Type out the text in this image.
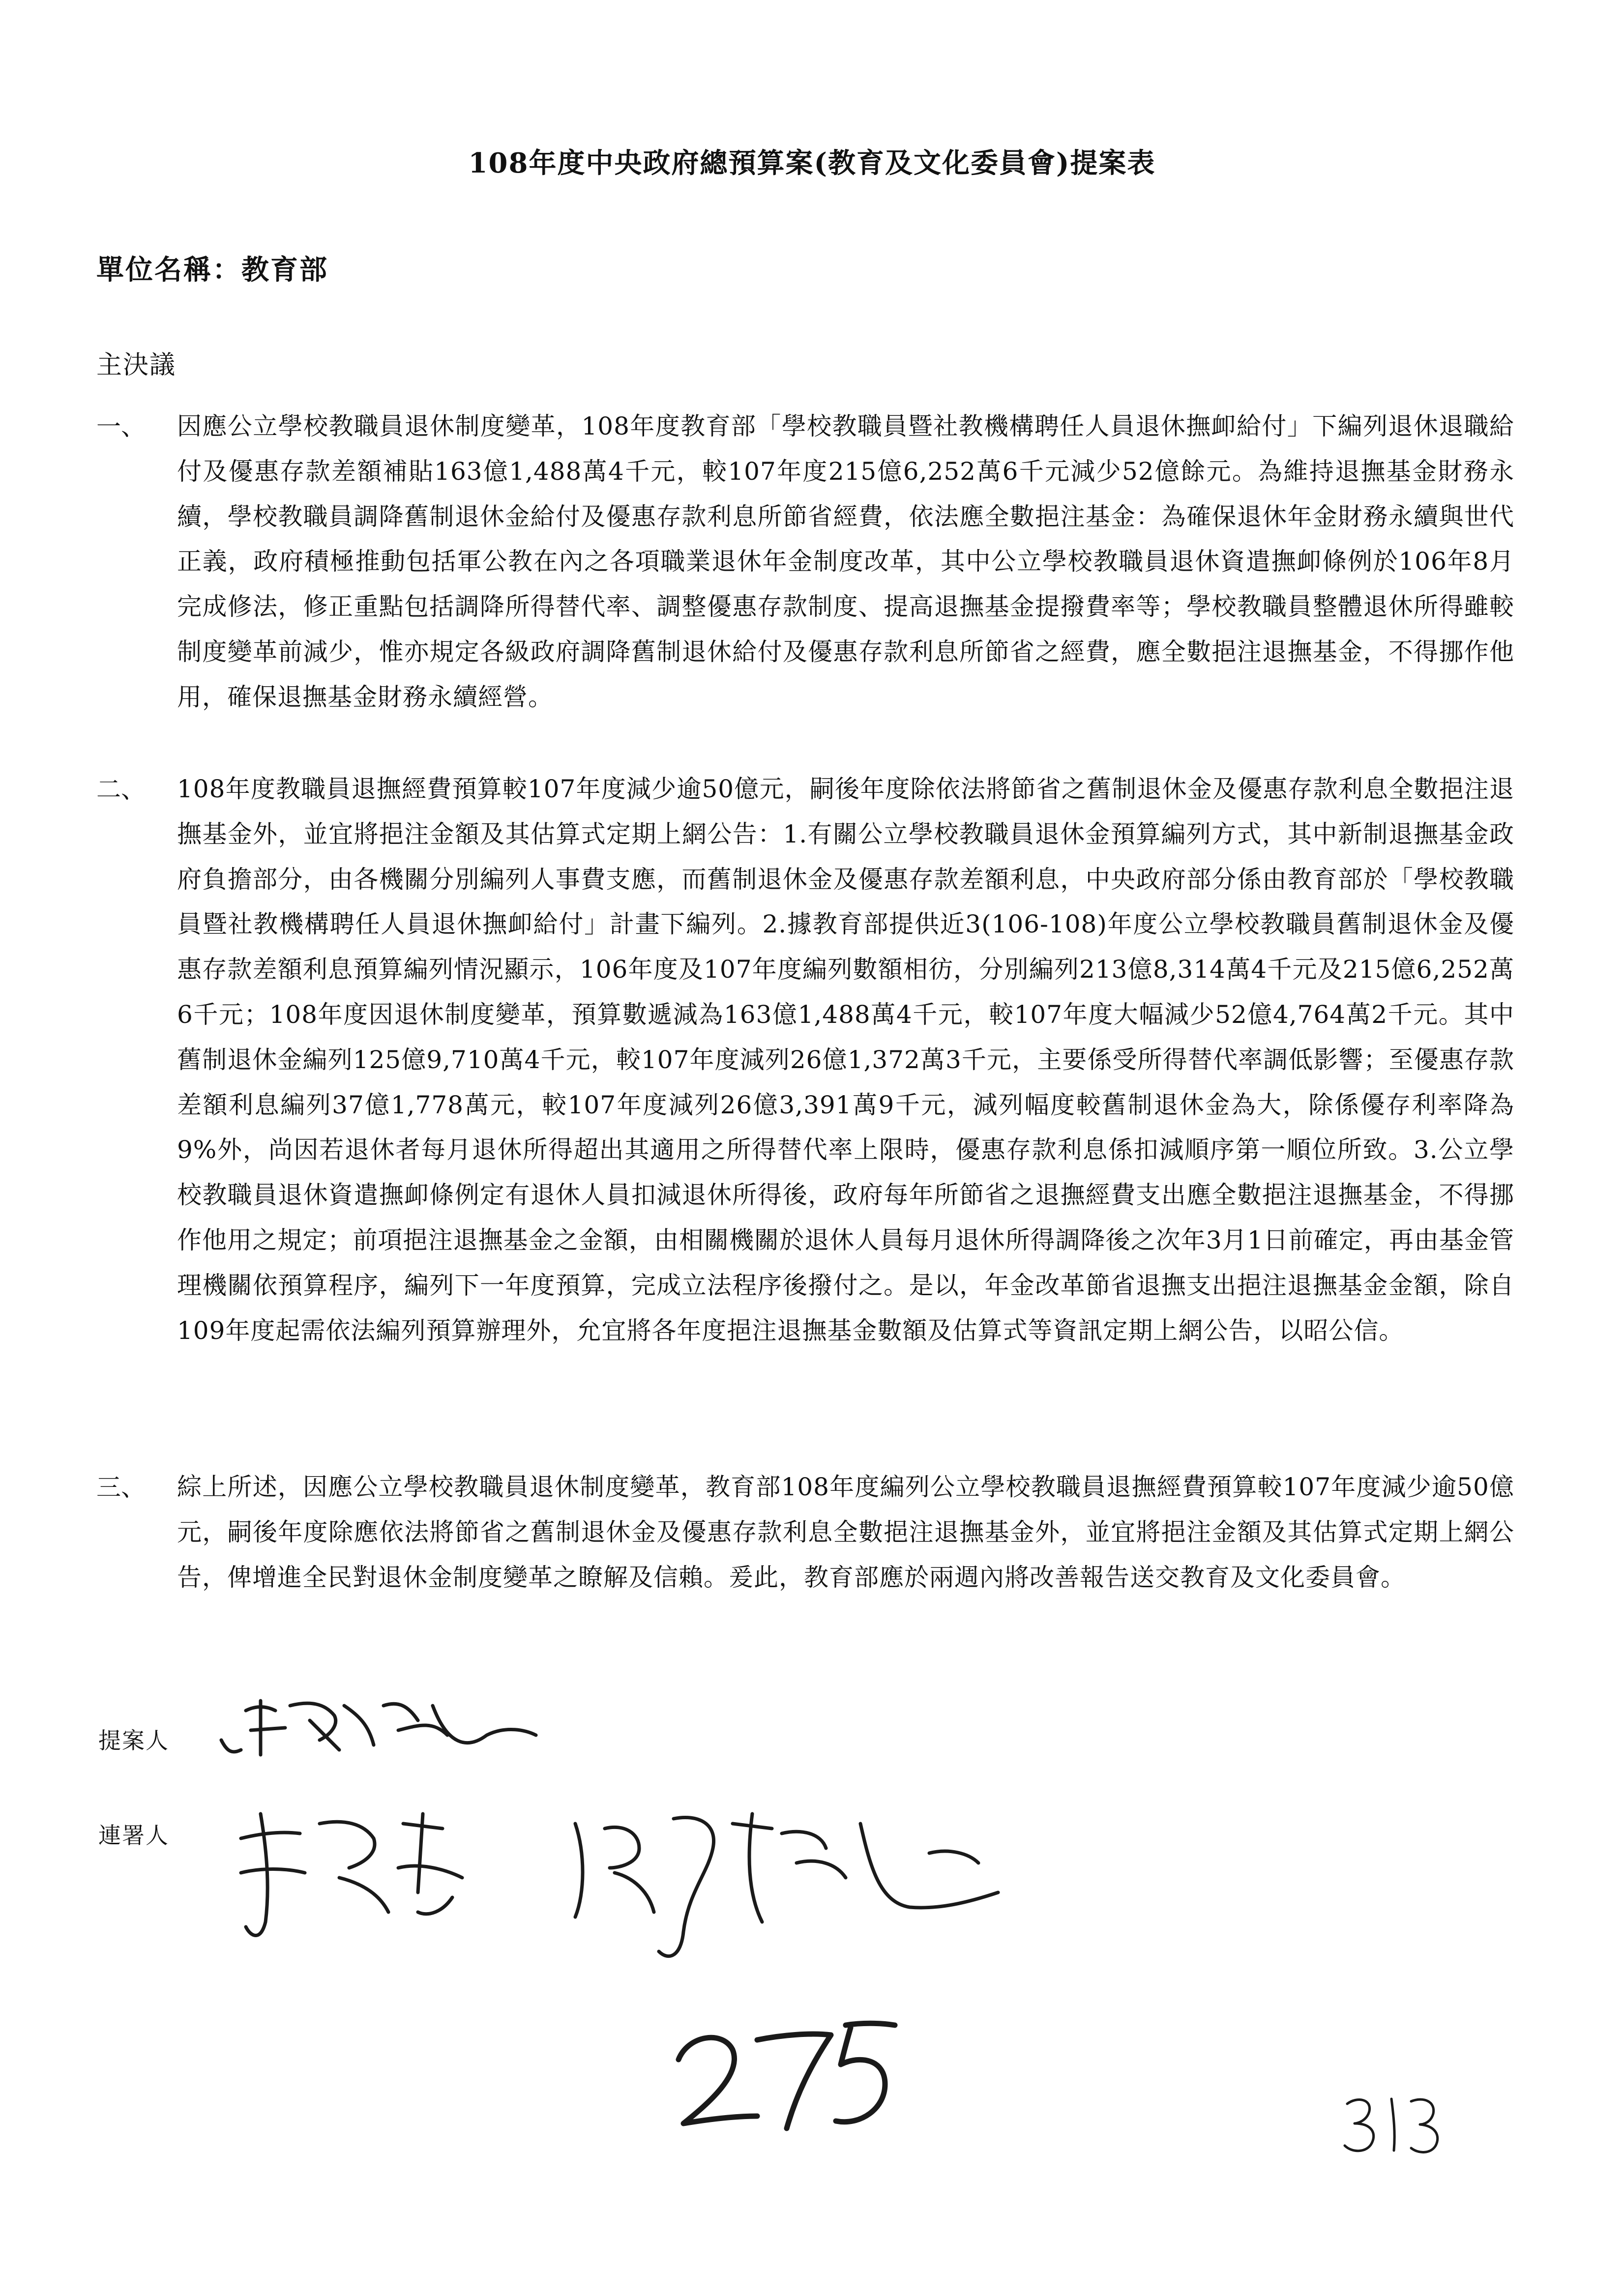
108年度中央政府總預算案(教育及文化委員會)提案表
單位名稱：教育部
主決議
一、 因應公立學校教職員退休制度變革，108年度教育部「學校教職員暨社教機構聘任人員退休撫卹給付」下編列退休退職給付及優惠存款差額補貼163億1,488萬4千元，較107年度215億6,252萬6千元減少52億餘元。為維持退撫基金財務永續，學校教職員調降舊制退休金給付及優惠存款利息所節省經費，依法應全數挹注基金：為確保退休年金財務永續與世代正義，政府積極推動包括軍公教在內之各項職業退休年金制度改革，其中公立學校教職員退休資遣撫卹條例於106年8月完成修法，修正重點包括調降所得替代率、調整優惠存款制度、提高退撫基金提撥費率等；學校教職員整體退休所得雖較制度變革前減少，惟亦規定各級政府調降舊制退休給付及優惠存款利息所節省之經費，應全數挹注退撫基金，不得挪作他用，確保退撫基金財務永續經營。
二、 108年度教職員退撫經費預算較107年度減少逾50億元，嗣後年度除依法將節省之舊制退休金及優惠存款利息全數挹注退撫基金外，並宜將挹注金額及其估算式定期上網公告：1.有關公立學校教職員退休金預算編列方式，其中新制退撫基金政府負擔部分，由各機關分別編列人事費支應，而舊制退休金及優惠存款差額利息，中央政府部分係由教育部於「學校教職員暨社教機構聘任人員退休撫卹給付」計畫下編列。2.據教育部提供近3(106-108)年度公立學校教職員舊制退休金及優惠存款差額利息預算編列情況顯示，106年度及107年度編列數額相彷，分別編列213億8,314萬4千元及215億6,252萬6千元；108年度因退休制度變革，預算數遞減為163億1,488萬4千元，較107年度大幅減少52億4,764萬2千元。其中舊制退休金編列125億9,710萬4千元，較107年度減列26億1,372萬3千元，主要係受所得替代率調低影響；至優惠存款差額利息編列37億1,778萬元，較107年度減列26億3,391萬9千元，減列幅度較舊制退休金為大，除係優存利率降為9%外，尚因若退休者每月退休所得超出其適用之所得替代率上限時，優惠存款利息係扣減順序第一順位所致。3.公立學校教職員退休資遣撫卹條例定有退休人員扣減退休所得後，政府每年所節省之退撫經費支出應全數挹注退撫基金，不得挪作他用之規定；前項挹注退撫基金之金額，由相關機關於退休人員每月退休所得調降後之次年3月1日前確定，再由基金管理機關依預算程序，編列下一年度預算，完成立法程序後撥付之。是以，年金改革節省退撫支出挹注退撫基金金額，除自109年度起需依法編列預算辦理外，允宜將各年度挹注退撫基金數額及估算式等資訊定期上網公告，以昭公信。
三、 綜上所述，因應公立學校教職員退休制度變革，教育部108年度編列公立學校教職員退撫經費預算較107年度減少逾50億元，嗣後年度除應依法將節省之舊制退休金及優惠存款利息全數挹注退撫基金外，並宜將挹注金額及其估算式定期上網公告，俾增進全民對退休金制度變革之瞭解及信賴。爰此，教育部應於兩週內將改善報告送交教育及文化委員會。
提案人
連署人
